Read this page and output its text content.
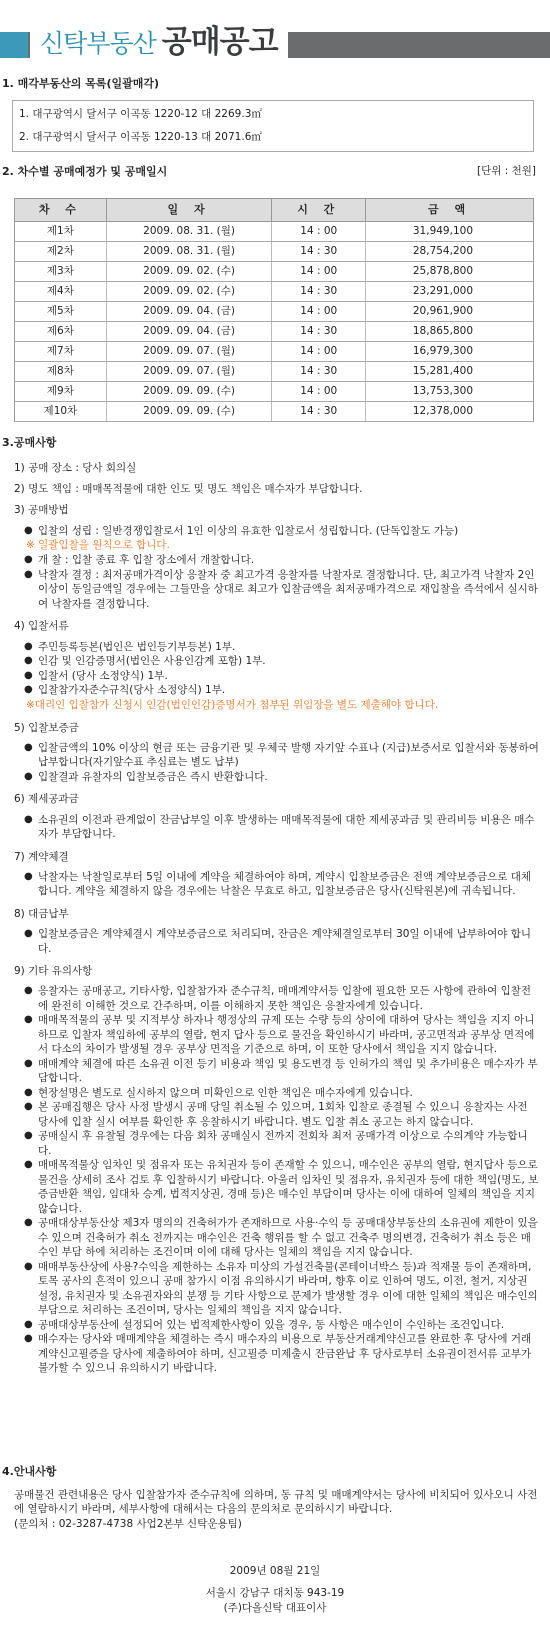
신탁부동산 공매공고
1. 매각부동산의 목록(일괄매각)
1. 대구광역시 달서구 이곡동 1220-12 대 2269.3㎡
2. 대구광역시 달서구 이곡동 1220-13 대 2071.6㎡
2. 차수별 공매예정가 및 공매일시	[단위 : 천원]
차 수	일 자	시 간	금 액
제1차	2009. 08. 31. (월)	14 : 00	31,949,100
제2차	2009. 08. 31. (월)	14 : 30	28,754,200
제3차	2009. 09. 02. (수)	14 : 00	25,878,800
제4차	2009. 09. 02. (수)	14 : 30	23,291,000
제5차	2009. 09. 04. (금)	14 : 00	20,961,900
제6차	2009. 09. 04. (금)	14 : 30	18,865,800
제7차	2009. 09. 07. (월)	14 : 00	16,979,300
제8차	2009. 09. 07. (월)	14 : 30	15,281,400
제9차	2009. 09. 09. (수)	14 : 00	13,753,300
제10차	2009. 09. 09. (수)	14 : 30	12,378,000
3.공매사항
1) 공매 장소 : 당사 회의실
2) 명도 책임 : 매매목적물에 대한 인도 및 명도 책임은 매수자가 부담합니다.
3) 공매방법
● 입찰의 성립 : 일반경쟁입찰로서 1인 이상의 유효한 입찰로서 성립합니다. (단독입찰도 가능)
※ 일괄입찰을 원칙으로 합니다.
● 개 찰 : 입찰 종료 후 입찰 장소에서 개찰합니다.
● 낙찰자 결정 : 최저공매가격이상 응찰자 중 최고가격 응찰자를 낙찰자로 결정합니다. 단, 최고가격 낙찰자 2인 이상이 동일금액일 경우에는 그들만을 상대로 최고가 입찰금액을 최저공매가격으로 재입찰을 즉석에서 실시하여 낙찰자를 결정합니다.
4) 입찰서류
● 주민등록등본(법인은 법인등기부등본) 1부.
● 인감 및 인감증명서(법인은 사용인감계 포함) 1부.
● 입찰서 (당사 소정양식) 1부.
● 입찰참가자준수규칙(당사 소정양식) 1부.
※대리인 입찰참가 신청시 인감(법인인감)증명서가 첨부된 위임장을 별도 제출해야 합니다.
5) 입찰보증금
● 입찰금액의 10% 이상의 현금 또는 금융기관 및 우체국 발행 자기앞 수표나 (지급)보증서로 입찰서와 동봉하여 납부합니다(자기앞수표 추심료는 별도 납부)
● 입찰결과 유찰자의 입찰보증금은 즉시 반환합니다.
6) 제세공과금
● 소유권의 이전과 관계없이 잔금납부일 이후 발생하는 매매목적물에 대한 제세공과금 및 관리비등 비용은 매수자가 부담합니다.
7) 계약체결
● 낙찰자는 낙찰일로부터 5일 이내에 계약을 체결하여야 하며, 계약시 입찰보증금은 전액 계약보증금으로 대체합니다. 계약을 체결하지 않을 경우에는 낙찰은 무효로 하고, 입찰보증금은 당사(신탁원본)에 귀속됩니다.
8) 대금납부
● 입찰보증금은 계약체결시 계약보증금으로 처리되며, 잔금은 계약체결일로부터 30일 이내에 납부하여야 합니다.
9) 기타 유의사항
● 응찰자는 공매공고, 기타사항, 입찰참가자 준수규칙, 매매계약서등 입찰에 필요한 모든 사항에 관하여 입찰전에 완전히 이해한 것으로 간주하며, 이를 이해하지 못한 책임은 응찰자에게 있습니다.
● 매매목적물의 공부 및 지적부상 하자나 행정상의 규제 또는 수량 등의 상이에 대하여 당사는 책임을 지지 아니하므로 입찰자 책임하에 공부의 열람, 현지 답사 등으로 물건을 확인하시기 바라며, 공고면적과 공부상 면적에서 다소의 차이가 발생될 경우 공부상 면적을 기준으로 하며, 이 또한 당사에서 책임을 지지 않습니다.
● 매매계약 체결에 따른 소유권 이전 등기 비용과 책임 및 용도변경 등 인허가의 책임 및 추가비용은 매수자가 부담합니다.
● 현장설명은 별도로 실시하지 않으며 미확인으로 인한 책임은 매수자에게 있습니다.
● 본 공매집행은 당사 사정 발생시 공매 당일 취소될 수 있으며, 1회차 입찰로 종결될 수 있으니 응찰자는 사전 당사에 입찰 실시 여부를 확인한 후 응찰하시기 바랍니다. 별도 입찰 취소 공고는 하지 않습니다.
● 공매실시 후 유찰될 경우에는 다음 회차 공매실시 전까지 전회차 최저 공매가격 이상으로 수의계약 가능합니다.
● 매매목적물상 임차인 및 점유자 또는 유치권자 등이 존재할 수 있으니, 매수인은 공부의 열람, 현지답사 등으로 물건을 상세히 조사 검토 후 입찰하시기 바랍니다. 아울러 임차인 및 점유자, 유치권자 등에 대한 책임(명도, 보증금반환 책임, 임대차 승계, 법적지상권, 경매 등)은 매수인 부담이며 당사는 이에 대하여 일체의 책임을 지지 않습니다.
● 공매대상부동산상 제3자 명의의 건축허가가 존재하므로 사용·수익 등 공매대상부동산의 소유권에 제한이 있을 수 있으며 건축허가 취소 전까지는 매수인은 건축 행위를 할 수 없고 건축주 명의변경, 건축허가 취소 등은 매수인 부담 하에 처리하는 조건이며 이에 대해 당사는 일체의 책임을 지지 않습니다.
● 매매부동산상에 사용?수익을 제한하는 소유자 미상의 가설건축물(콘테이너박스 등)과 적재물 등이 존재하며, 토목 공사의 흔적이 있으니 공매 참가시 이점 유의하시기 바라며, 향후 이로 인하여 명도, 이전, 철거, 지상권 설정, 유치권자 및 소유권자와의 분쟁 등 기타 사항으로 문제가 발생할 경우 이에 대한 일체의 책임은 매수인의 부담으로 처리하는 조건이며, 당사는 일체의 책임을 지지 않습니다.
● 공매대상부동산에 설정되어 있는 법적제한사항이 있을 경우, 동 사항은 매수인이 수인하는 조건입니다.
● 매수자는 당사와 매매계약을 체결하는 즉시 매수자의 비용으로 부동산거래계약신고를 완료한 후 당사에 거래계약신고필증을 당사에 제출하여야 하며, 신고필증 미제출시 잔금완납 후 당사로부터 소유권이전서류 교부가 불가할 수 있으니 유의하시기 바랍니다.
4.안내사항
공매물건 관련내용은 당사 입찰참가자 준수규칙에 의하며, 동 규칙 및 매매계약서는 당사에 비치되어 있사오니 사전에 열람하시기 바라며, 세부사항에 대해서는 다음의 문의처로 문의하시기 바랍니다.
(문의처 : 02-3287-4738 사업2본부 신탁운용팀)
2009년 08월 21일
서울시 강남구 대치동 943-19
(주)다올신탁 대표이사
